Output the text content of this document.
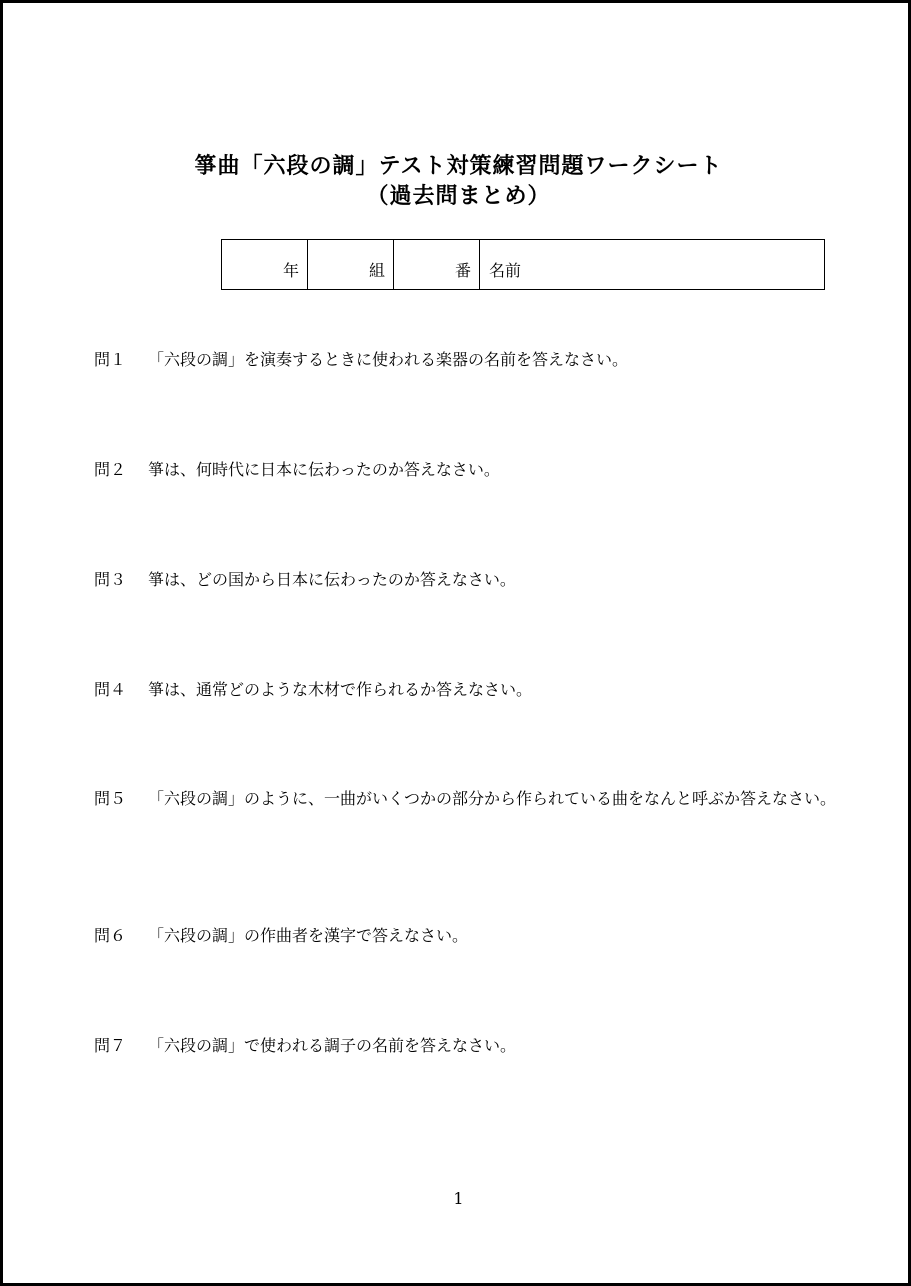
箏曲「六段の調」テスト対策練習問題ワークシート
（過去問まとめ）
年	組	番 名前
問１ 「六段の調」を演奏するときに使われる楽器の名前を答えなさい。
問２ 箏は、何時代に日本に伝わったのか答えなさい。
問３ 箏は、どの国から日本に伝わったのか答えなさい。
問４ 箏は、通常どのような木材で作られるか答えなさい。
問５ 「六段の調」のように、一曲がいくつかの部分から作られている曲をなんと呼ぶか答えなさい。
問６ 「六段の調」の作曲者を漢字で答えなさい。
問７ 「六段の調」で使われる調子の名前を答えなさい。
1
